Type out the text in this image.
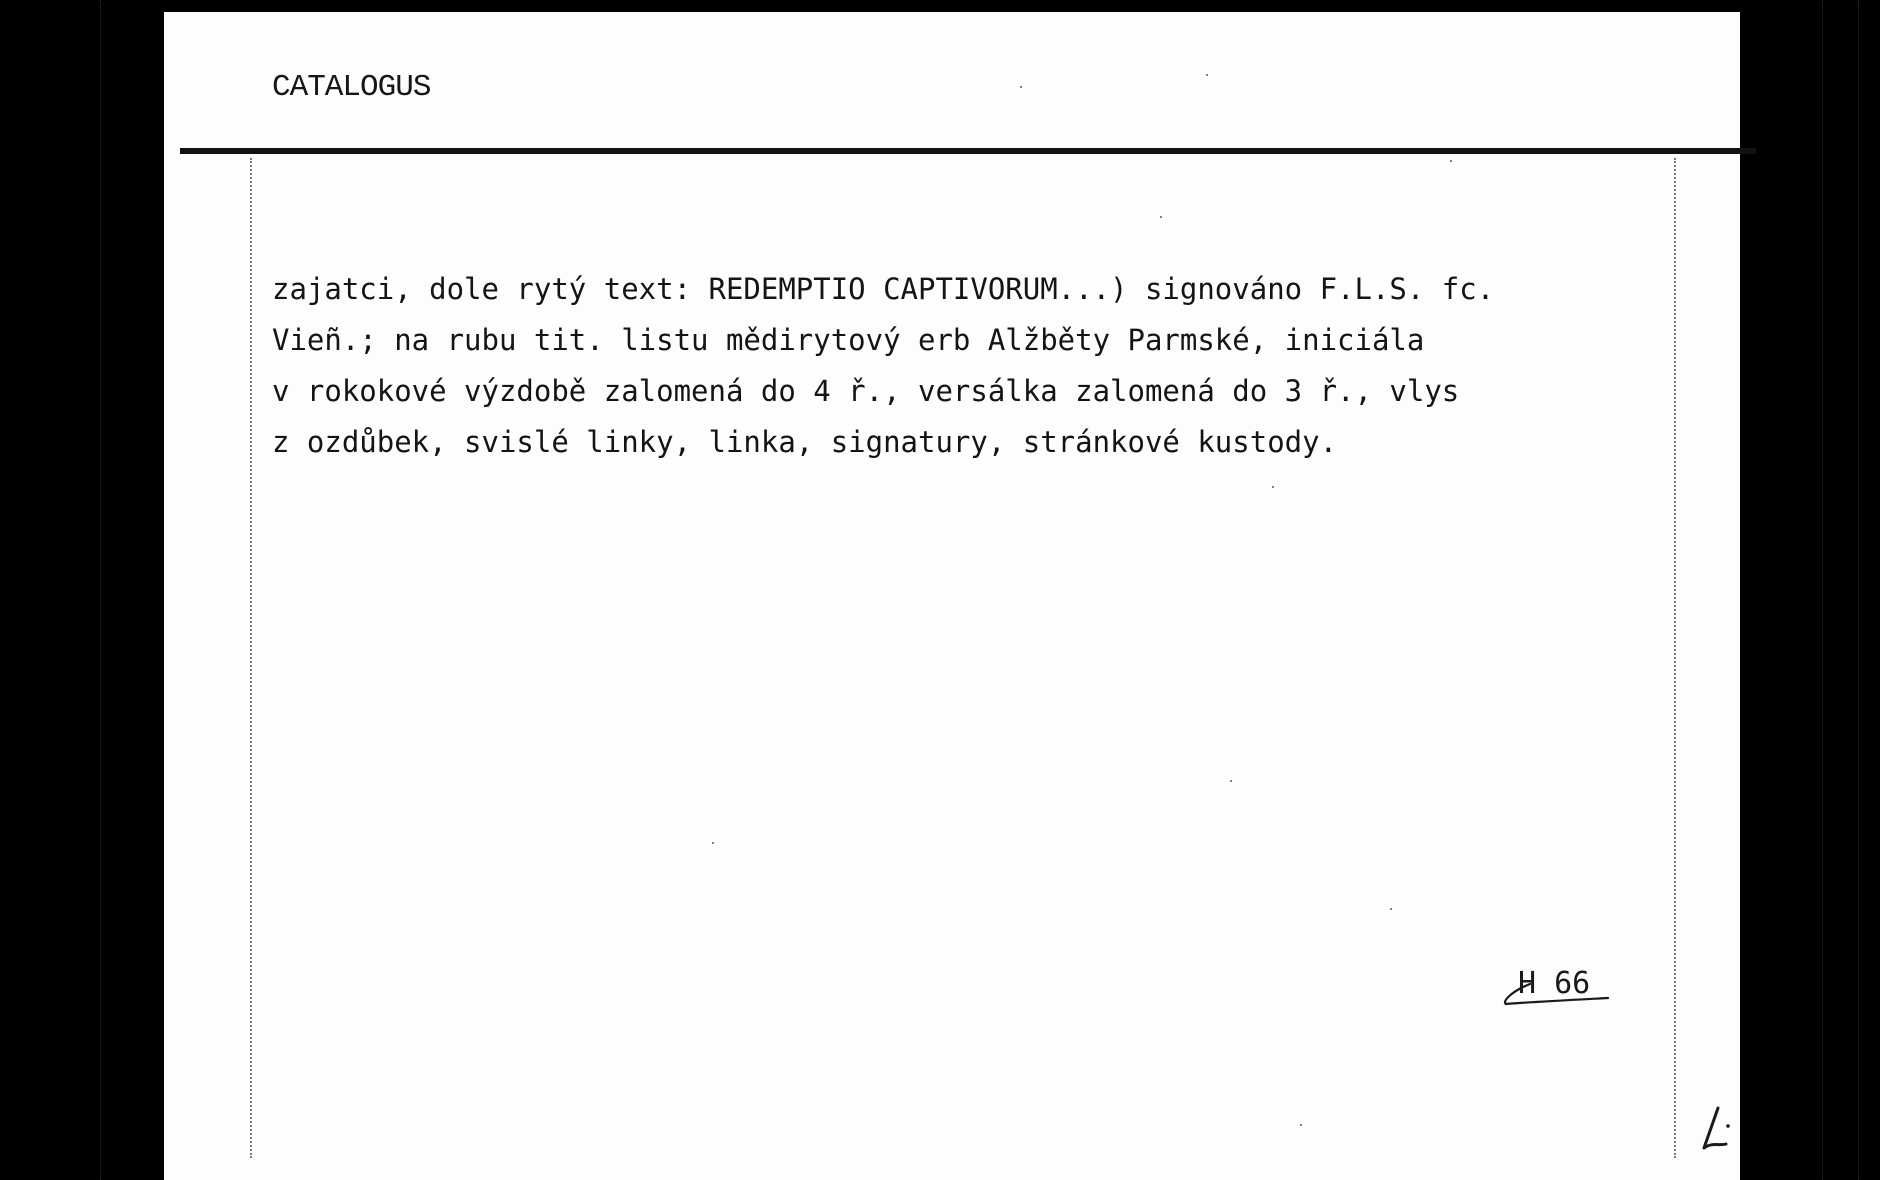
CATALOGUS

zajatci, dole rytý text: REDEMPTIO CAPTIVORUM...) signováno F.L.S. fc.
Vieñ.; na rubu tit. listu mědirytový erb Alžběty Parmské, iniciála
v rokokové výzdobě zalomená do 4 ř., versálka zalomená do 3 ř., vlys
z ozdůbek, svislé linky, linka, signatury, stránkové kustody.

H 66
